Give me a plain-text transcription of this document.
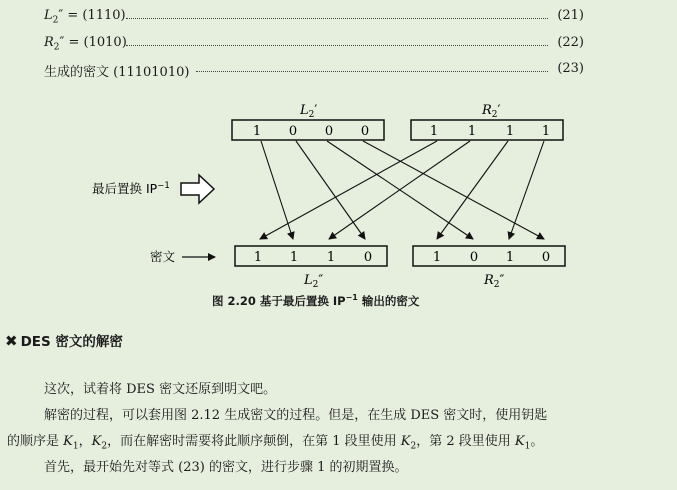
$L_2'' = (1110)$	(21)
$R_2'' = (1010)$	(22)
生成的密文 (11101010)	(23)
$L_2'$	$R_2'$
1 0 0 0	1 1 1 1
最后置换 $IP^{-1}$
密文	1 1 1 0	1 0 1 0
$L_2''$	$R_2''$
图 2.20 基于最后置换 $IP^{-1}$ 输出的密文
✖ DES 密文的解密
这次，试着将 DES 密文还原到明文吧。
解密的过程，可以套用图 2.12 生成密文的过程。但是，在生成 DES 密文时，使用钥匙
的顺序是 $K_1$，$K_2$，而在解密时需要将此顺序颠倒，在第 1 段里使用 $K_2$，第 2 段里使用 $K_1$。
首先，最开始先对等式 (23) 的密文，进行步骤 1 的初期置换。
